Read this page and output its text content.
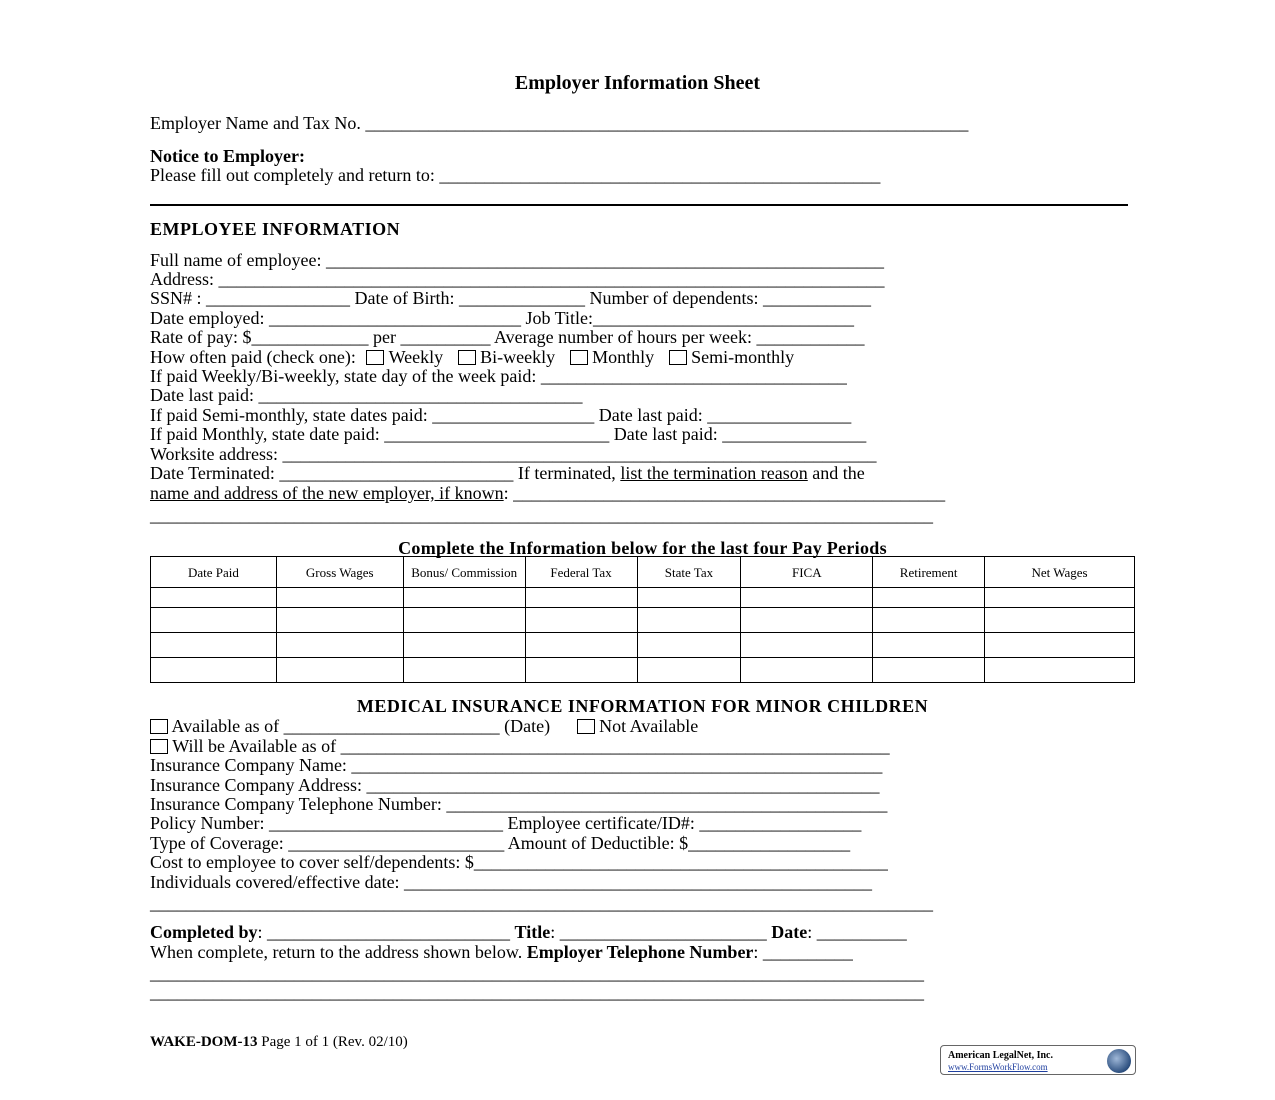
Employer Information Sheet
Employer Name and Tax No. ___________________________________________________________________
Notice to Employer:
Please fill out completely and return to: _________________________________________________
EMPLOYEE INFORMATION
Full name of employee: ______________________________________________________________
Address: __________________________________________________________________________
SSN# : ________________ Date of Birth: ______________ Number of dependents: ____________
Date employed: ____________________________ Job Title:_____________________________
Rate of pay: $_____________ per __________ Average number of hours per week: ____________
How often paid (check one): Weekly Bi-weekly Monthly Semi-monthly
If paid Weekly/Bi-weekly, state day of the week paid: __________________________________
Date last paid: ____________________________________
If paid Semi-monthly, state dates paid: __________________ Date last paid: ________________
If paid Monthly, state date paid: _________________________ Date last paid: ________________
Worksite address: __________________________________________________________________
Date Terminated: __________________________ If terminated, list the termination reason and the
name and address of the new employer, if known: ________________________________________________
_______________________________________________________________________________________
Complete the Information below for the last four Pay Periods
Date Paid	Gross Wages	Bonus/ Commission	Federal Tax	State Tax	FICA	Retirement	Net Wages

MEDICAL INSURANCE INFORMATION FOR MINOR CHILDREN
Available as of ________________________ (Date)	Not Available
Will be Available as of _____________________________________________________________
Insurance Company Name: ___________________________________________________________
Insurance Company Address: _________________________________________________________
Insurance Company Telephone Number: _________________________________________________
Policy Number: __________________________ Employee certificate/ID#: __________________
Type of Coverage: ________________________ Amount of Deductible: $__________________
Cost to employee to cover self/dependents: $______________________________________________
Individuals covered/effective date: ____________________________________________________
_______________________________________________________________________________________
Completed by: ___________________________ Title: _______________________ Date: __________
When complete, return to the address shown below. Employer Telephone Number: __________
______________________________________________________________________________________
______________________________________________________________________________________
WAKE-DOM-13 Page 1 of 1 (Rev. 02/10)
American LegalNet, Inc.
www.FormsWorkFlow.com
